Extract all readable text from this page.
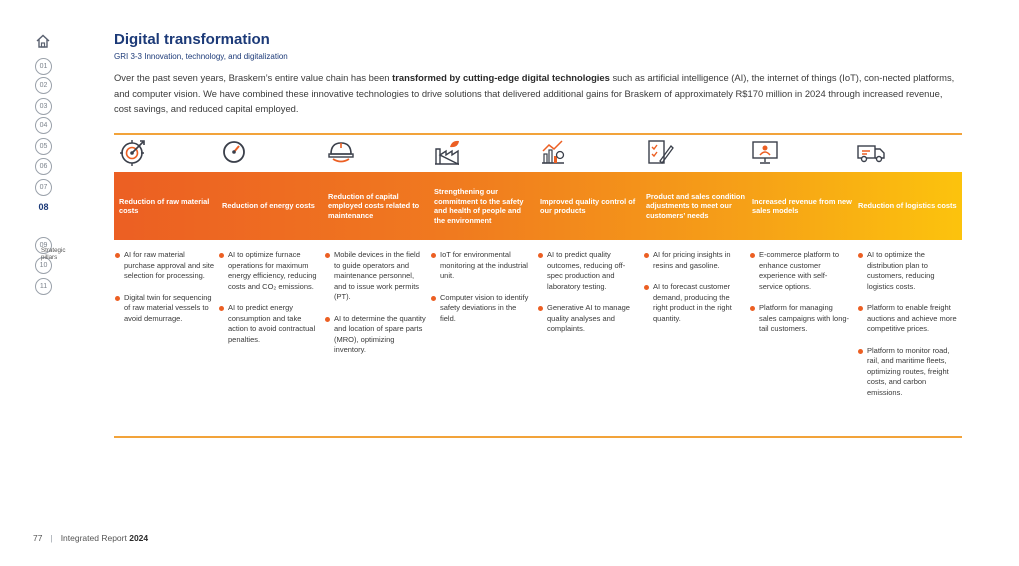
01
02
03
04
05
06
07
08
09
10
11
Strategic pillars
Digital transformation
GRI 3-3 Innovation, technology, and digitalization

Over the past seven years, Braskem’s entire value chain has been transformed by cutting-edge digital technologies such as artificial intelligence (AI), the internet of things (IoT), con-nected platforms, and computer vision. We have combined these innovative technologies to drive solutions that delivered additional gains for Braskem of approximately R$170 million in 2024 through increased revenue, cost savings, and reduced capital employed.

Reduction of raw material costs
Reduction of energy costs
Reduction of capital employed costs related to maintenance
Strengthening our commitment to the safety and health of people and the environment
Improved quality control of our products
Product and sales condition adjustments to meet our customers’ needs
Increased revenue from new sales models
Reduction of logistics costs
AI for raw material purchase approval and site selection for processing.
Digital twin for sequencing of raw material vessels to avoid demurrage.
AI to optimize furnace operations for maximum energy efficiency, reducing costs and CO₂ emissions.
AI to predict energy consumption and take action to avoid contractual penalties.
Mobile devices in the field to guide operators and maintenance personnel, and to issue work permits (PT).
AI to determine the quantity and location of spare parts (MRO), optimizing inventory.
IoT for environmental monitoring at the industrial unit.
Computer vision to identify safety deviations in the field.
AI to predict quality outcomes, reducing off-spec production and laboratory testing.
Generative AI to manage quality analyses and complaints.
AI for pricing insights in resins and gasoline.
AI to forecast customer demand, producing the right product in the right quantity.
E-commerce platform to enhance customer experience with self-service options.
Platform for managing sales campaigns with long-tail customers.
AI to optimize the distribution plan to customers, reducing logistics costs.
Platform to enable freight auctions and achieve more competitive prices.
Platform to monitor road, rail, and maritime fleets, optimizing routes, freight costs, and carbon emissions.
77 | Integrated Report 2024
